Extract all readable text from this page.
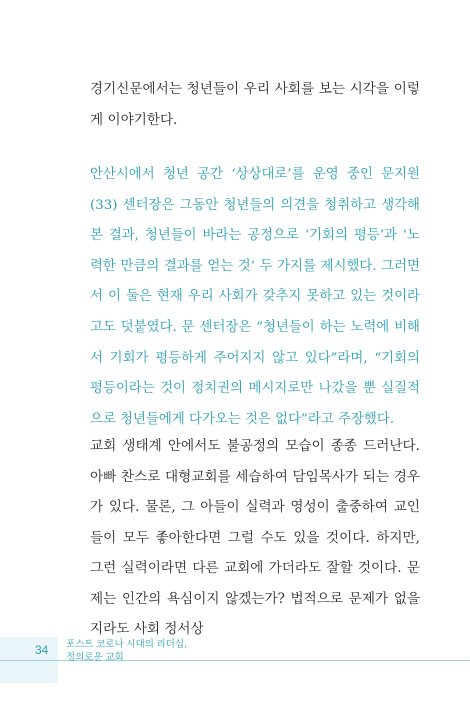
경기신문에서는 청년들이 우리 사회를 보는 시각을 이렇게 이야기한다.

안산시에서 청년 공간 ‘상상대로’를 운영 중인 문지원(33) 센터장은 그동안 청년들의 의견을 청취하고 생각해본 결과, 청년들이 바라는 공정으로 ‘기회의 평등’과 ‘노력한 만큼의 결과를 얻는 것’ 두 가지를 제시했다. 그러면서 이 둘은 현재 우리 사회가 갖추지 못하고 있는 것이라고도 덧붙였다. 문 센터장은 “청년들이 하는 노력에 비해서 기회가 평등하게 주어지지 않고 있다”라며, “기회의 평등이라는 것이 정치권의 메시지로만 나갔을 뿐 실질적으로 청년들에게 다가오는 것은 없다”라고 주장했다.

교회 생태계 안에서도 불공정의 모습이 종종 드러난다. 아빠 찬스로 대형교회를 세습하여 담임목사가 되는 경우가 있다. 물론, 그 아들이 실력과 영성이 출중하여 교인들이 모두 좋아한다면 그럴 수도 있을 것이다. 하지만, 그런 실력이라면 다른 교회에 가더라도 잘할 것이다. 문제는 인간의 욕심이지 않겠는가? 법적으로 문제가 없을지라도 사회 정서상

34 포스트 코로나 시대의 리더십,
정의로운 교회
